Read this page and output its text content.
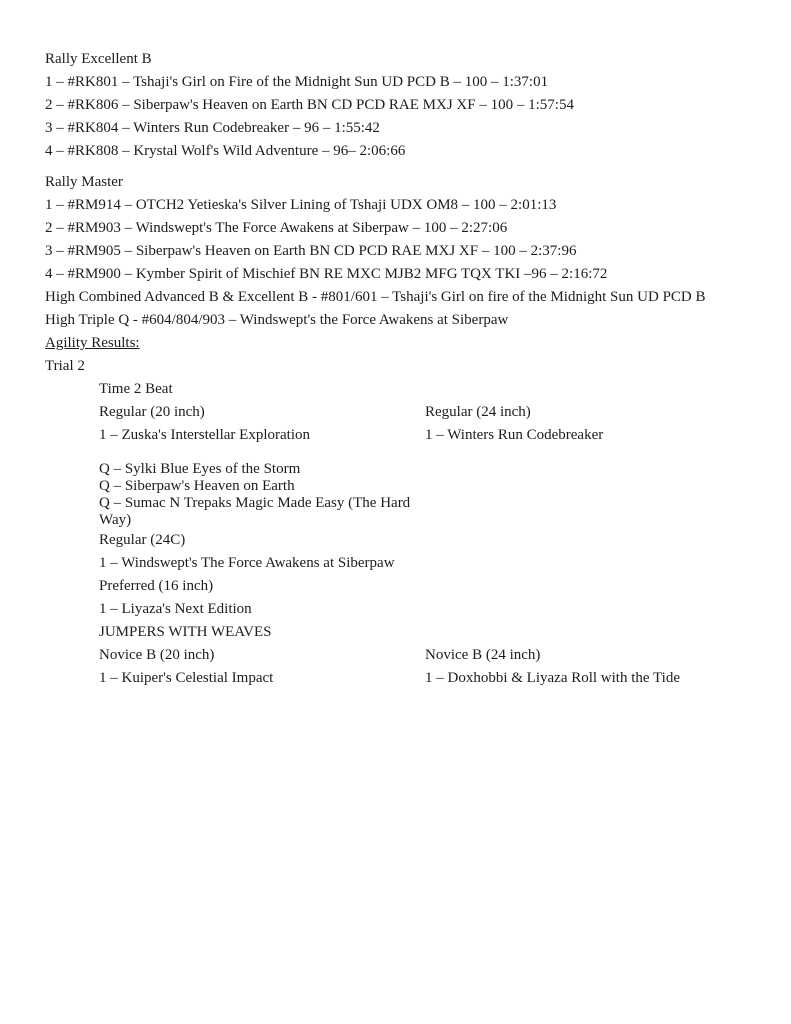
Rally Excellent B

1 – #RK801 – Tshaji's Girl on Fire of the Midnight Sun UD PCD B – 100 – 1:37:01

2 – #RK806 – Siberpaw's Heaven on Earth BN CD PCD RAE MXJ XF – 100 – 1:57:54

3 – #RK804 – Winters Run Codebreaker – 96 – 1:55:42

4 – #RK808 – Krystal Wolf's Wild Adventure – 96– 2:06:66

Rally Master

1 – #RM914 – OTCH2 Yetieska's Silver Lining of Tshaji UDX OM8 – 100 – 2:01:13

2 – #RM903 – Windswept's The Force Awakens at Siberpaw – 100 – 2:27:06

3 – #RM905 – Siberpaw's Heaven on Earth BN CD PCD RAE MXJ XF – 100 – 2:37:96

4 – #RM900 – Kymber Spirit of Mischief BN RE MXC MJB2 MFG TQX TKI –96 – 2:16:72

High Combined Advanced B & Excellent B - #801/601 – Tshaji's Girl on fire of the Midnight Sun UD PCD B

High Triple Q - #604/804/903 – Windswept's the Force Awakens at Siberpaw

Agility Results:
Trial 2
Time 2 Beat
Regular (20 inch)

1 – Zuska's Interstellar Exploration

Q – Sylki Blue Eyes of the Storm

Q – Siberpaw's Heaven on Earth

Q – Sumac N Trepaks Magic Made Easy (The Hard Way)

Regular (24 inch)

1 – Winters Run Codebreaker

Regular (24C)

1 – Windswept's The Force Awakens at Siberpaw

Preferred (16 inch)

1 – Liyaza's Next Edition

JUMPERS WITH WEAVES
Novice B (20 inch)

1 – Kuiper's Celestial Impact

Novice B (24 inch)

1 – Doxhobbi & Liyaza Roll with the Tide
